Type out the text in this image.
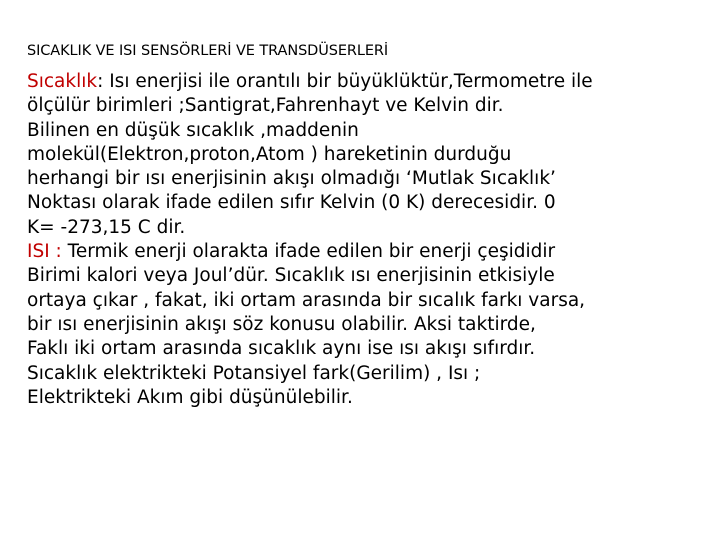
SICAKLIK VE ISI SENSÖRLERİ VE TRANSDÜSERLERİ
Sıcaklık: Isı enerjisi ile orantılı bir büyüklüktür,Termometre ile
ölçülür birimleri ;Santigrat,Fahrenhayt ve Kelvin dir.
Bilinen en düşük sıcaklık ,maddenin
molekül(Elektron,proton,Atom ) hareketinin durduğu
herhangi bir ısı enerjisinin akışı olmadığı ‘Mutlak Sıcaklık’
Noktası olarak ifade edilen sıfır Kelvin (0 K) derecesidir. 0
K= -273,15 C dir.
ISI : Termik enerji olarakta ifade edilen bir enerji çeşididir
Birimi kalori veya Joul’dür. Sıcaklık ısı enerjisinin etkisiyle
ortaya çıkar , fakat, iki ortam arasında bir sıcalık farkı varsa,
bir ısı enerjisinin akışı söz konusu olabilir. Aksi taktirde,
Faklı iki ortam arasında sıcaklık aynı ise ısı akışı sıfırdır.
Sıcaklık elektrikteki Potansiyel fark(Gerilim) , Isı ;
Elektrikteki Akım gibi düşünülebilir.
